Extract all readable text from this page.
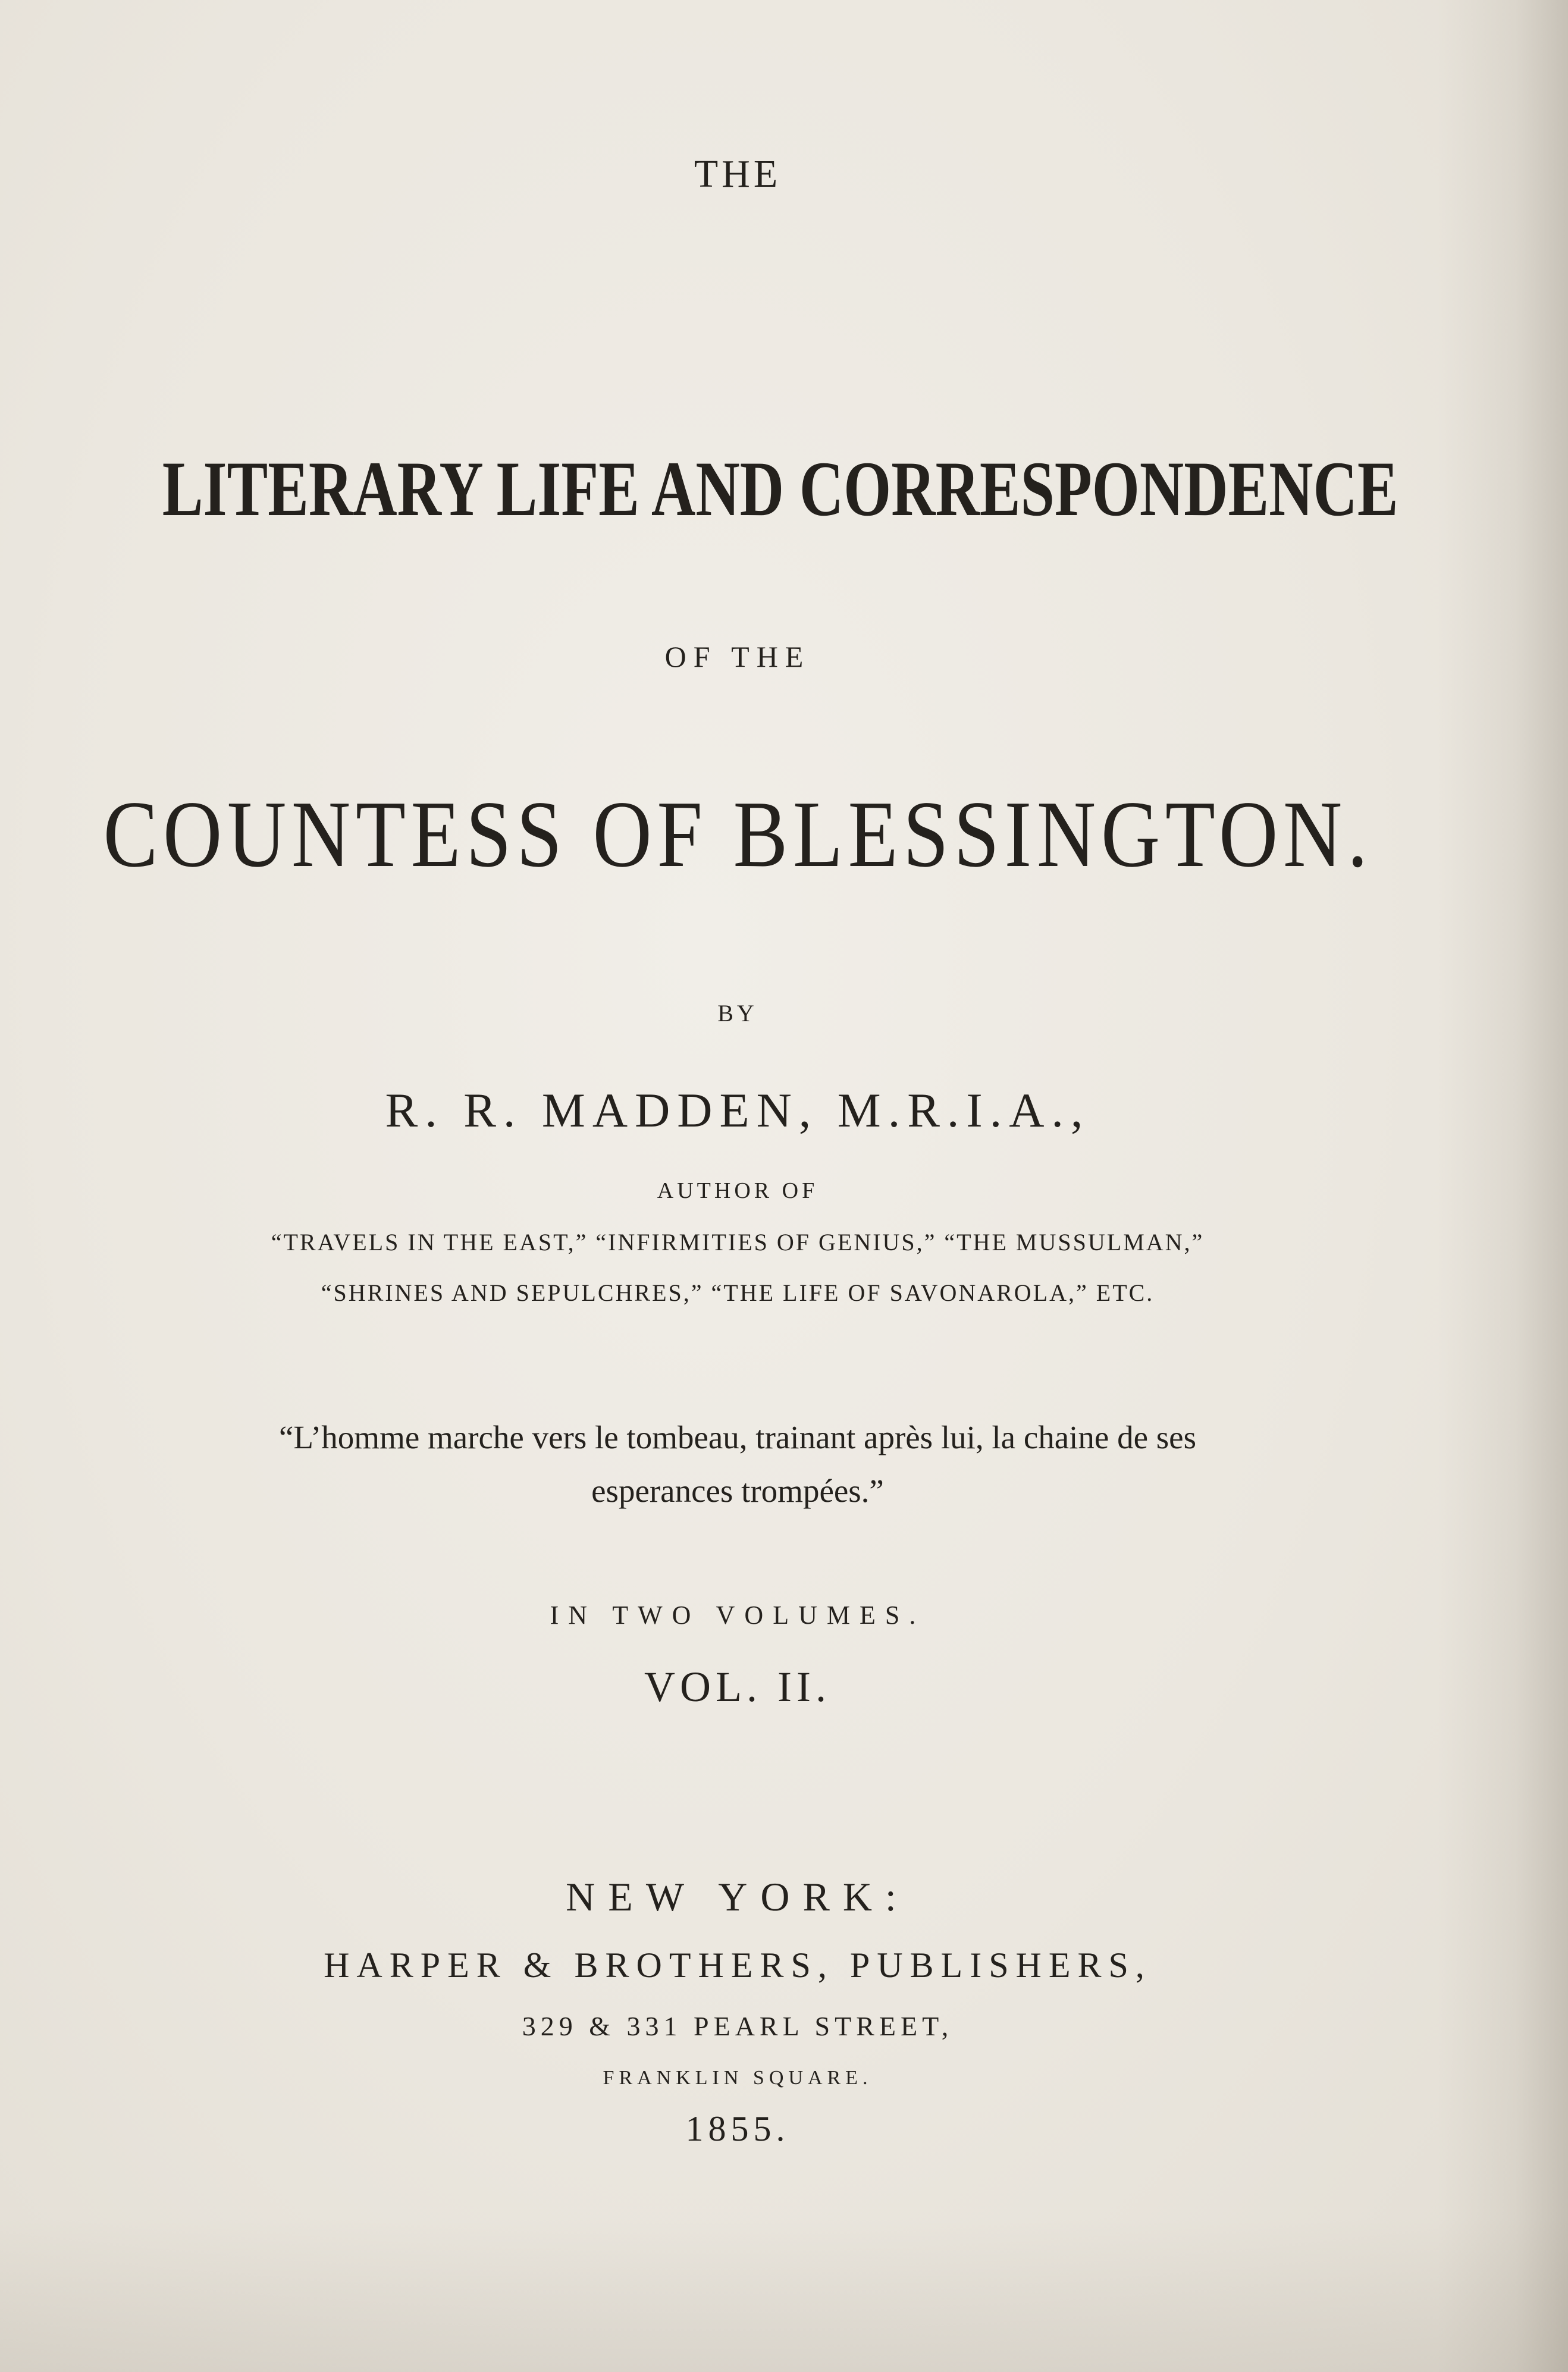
THE
LITERARY LIFE AND CORRESPONDENCE
OF THE
COUNTESS OF BLESSINGTON.
BY
R. R. MADDEN, M.R.I.A.,
AUTHOR OF
“TRAVELS IN THE EAST,” “INFIRMITIES OF GENIUS,” “THE MUSSULMAN,”
“SHRINES AND SEPULCHRES,” “THE LIFE OF SAVONAROLA,” ETC.
“L’homme marche vers le tombeau, trainant après lui, la chaine de ses
esperances trompées.”
IN TWO VOLUMES.
VOL. II.
NEW YORK:
HARPER & BROTHERS, PUBLISHERS,
329 & 331 PEARL STREET,
FRANKLIN SQUARE.
1855.
